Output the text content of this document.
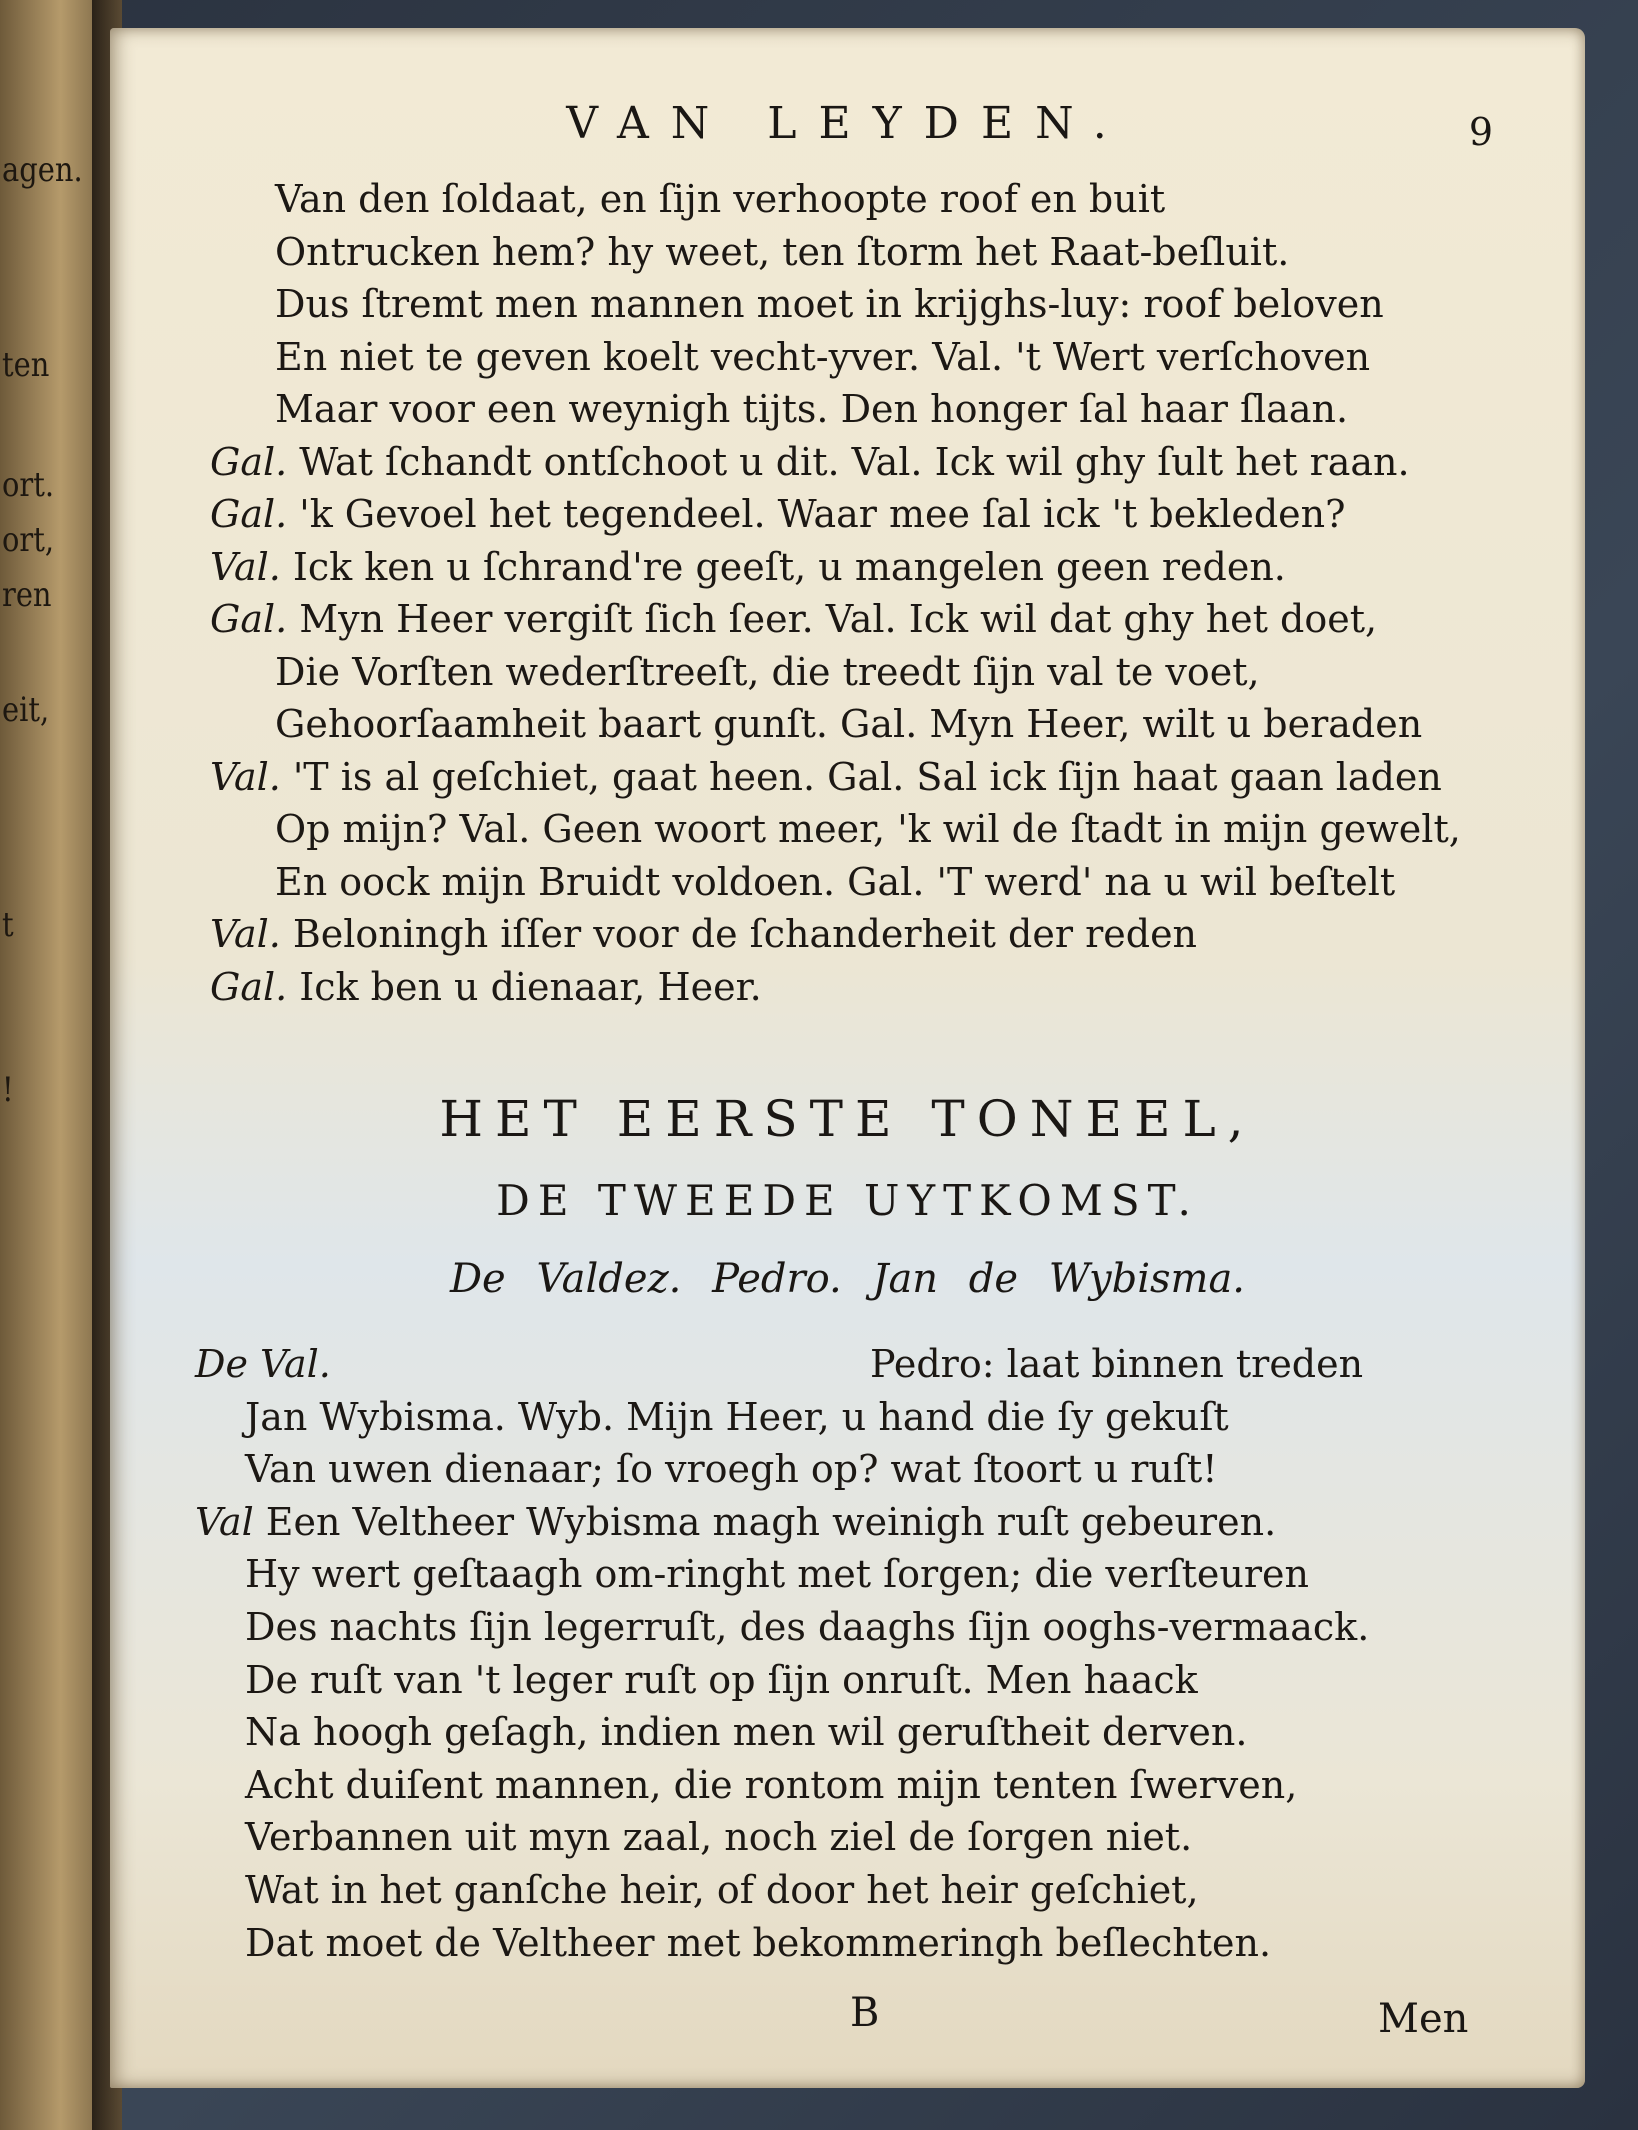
agen.
ten
ort.
ort,
ren
eit,
t
!
VAN LEYDEN.	9
Van den ſoldaat, en ſijn verhoopte roof en buit
Ontrucken hem? hy weet, ten ſtorm het Raat-beſluit.
Dus ſtremt men mannen moet in krijghs-luy: roof beloven
En niet te geven koelt vecht-yver. Val. 't Wert verſchoven
Maar voor een weynigh tijts. Den honger ſal haar ſlaan.
Gal. Wat ſchandt ontſchoot u dit. Val. Ick wil ghy ſult het raan.
Gal. 'k Gevoel het tegendeel. Waar mee ſal ick 't bekleden?
Val. Ick ken u ſchrand're geeſt, u mangelen geen reden.
Gal. Myn Heer vergiſt ſich ſeer. Val. Ick wil dat ghy het doet,
Die Vorſten wederſtreeſt, die treedt ſijn val te voet,
Gehoorſaamheit baart gunſt. Gal. Myn Heer, wilt u beraden
Val. 'T is al geſchiet, gaat heen. Gal. Sal ick ſijn haat gaan laden
Op mijn? Val. Geen woort meer, 'k wil de ſtadt in mijn gewelt,
En oock mijn Bruidt voldoen. Gal. 'T werd' na u wil beſtelt
Val. Beloningh iſſer voor de ſchanderheit der reden
Gal. Ick ben u dienaar, Heer.
HET EERSTE TONEEL,
DE TWEEDE UYTKOMST.
De Valdez. Pedro. Jan de Wybisma.
De Val.	Pedro: laat binnen treden
Jan Wybisma. Wyb. Mijn Heer, u hand die ſy gekuſt
Van uwen dienaar; ſo vroegh op? wat ſtoort u ruſt!
Val Een Veltheer Wybisma magh weinigh ruſt gebeuren.
Hy wert geſtaagh om-ringht met ſorgen; die verſteuren
Des nachts ſijn legerruſt, des daaghs ſijn ooghs-vermaack.
De ruſt van 't leger ruſt op ſijn onruſt. Men haack
Na hoogh geſagh, indien men wil geruſtheit derven.
Acht duiſent mannen, die rontom mijn tenten ſwerven,
Verbannen uit myn zaal, noch ziel de ſorgen niet.
Wat in het ganſche heir, of door het heir geſchiet,
Dat moet de Veltheer met bekommeringh beſlechten.
B	Men
